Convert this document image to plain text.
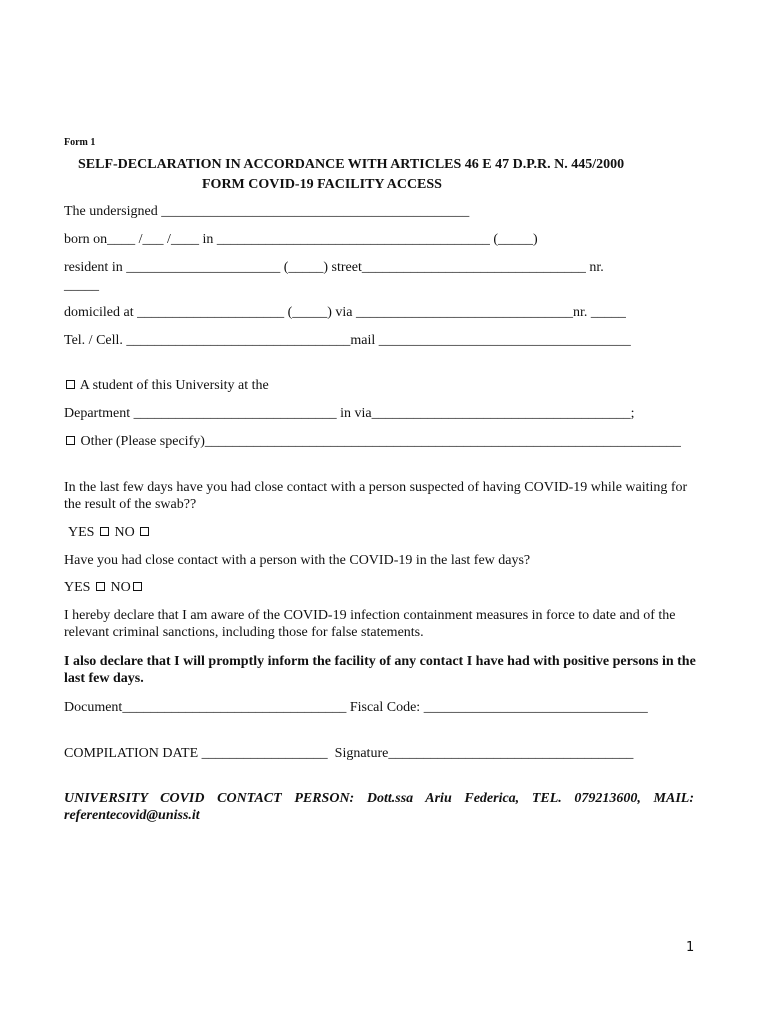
Form 1
SELF-DECLARATION IN ACCORDANCE WITH ARTICLES 46 E 47 D.P.R. N. 445/2000
FORM COVID-19 FACILITY ACCESS
The undersigned ____________________________________________
born on____ /___ /____ in _______________________________________ (_____)
resident in ______________________ (_____) street________________________________ nr.
_____
domiciled at _____________________ (_____) via _______________________________nr. _____
Tel. / Cell. ________________________________mail ____________________________________
A student of this University at the
Department _____________________________ in via_____________________________________;
Other (Please specify)____________________________________________________________________
In the last few days have you had close contact with a person suspected of having COVID-19 while waiting for the result of the swab??
YES NO
Have you had close contact with a person with the COVID-19 in the last few days?
YES NO
I hereby declare that I am aware of the COVID-19 infection containment measures in force to date and of the relevant criminal sanctions, including those for false statements.
I also declare that I will promptly inform the facility of any contact I have had with positive persons in the last few days.
Document________________________________ Fiscal Code: ________________________________
COMPILATION DATE __________________  Signature___________________________________
UNIVERSITY COVID CONTACT PERSON: Dott.ssa Ariu Federica, TEL. 079213600, MAIL: referentecovid@uniss.it
1
